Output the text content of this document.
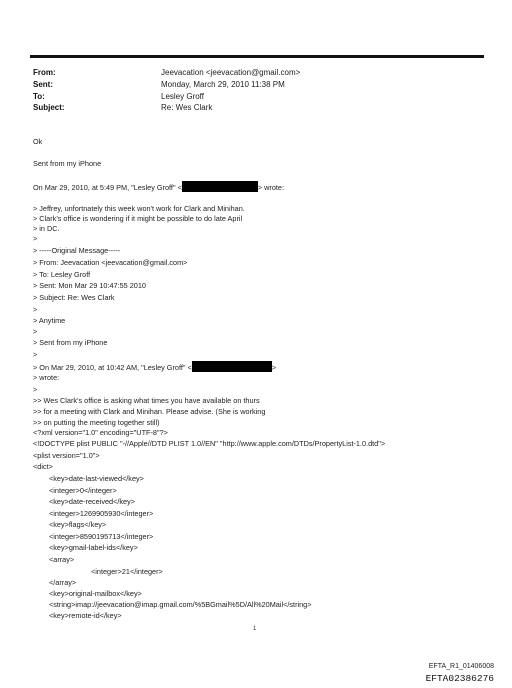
From:	Jeevacation <jeevacation@gmail.com>
Sent:	Monday, March 29, 2010 11:38 PM
To:	Lesley Groff
Subject:	Re: Wes Clark
Ok
Sent from my iPhone
On Mar 29, 2010, at 5:49 PM, "Lesley Groff" <	> wrote:
> Jeffrey, unfortnately this week won't work for Clark and Minihan.
> Clark's office is wondering if it might be possible to do late April
> in DC.
>
> -----Original Message-----
> From: Jeevacation <jeevacation@gmail.com>
> To: Lesley Groff
> Sent: Mon Mar 29 10:47:55 2010
> Subject: Re: Wes Clark
>
> Anytime
>
> Sent from my iPhone
>
> On Mar 29, 2010, at 10:42 AM, "Lesley Groff" <	>
> wrote:
>
>> Wes Clark's office is asking what times you have available on thurs
>> for a meeting with Clark and Minihan. Please advise. (She is working
>> on putting the meeting together still)
<?xml version="1.0" encoding="UTF-8"?>
<!DOCTYPE plist PUBLIC "-//Apple//DTD PLIST 1.0//EN" "http://www.apple.com/DTDs/PropertyList-1.0.dtd">
<plist version="1.0">
<dict>
<key>date-last-viewed</key>
<integer>0</integer>
<key>date-received</key>
<integer>1269905930</integer>
<key>flags</key>
<integer>8590195713</integer>
<key>gmail-label-ids</key>
<array>
<integer>21</integer>
</array>
<key>original-mailbox</key>
<string>imap://jeevacation@imap.gmail.com/%5BGmail%5D/All%20Mail</string>
<key>remote-id</key>
1
EFTA_R1_01406008
EFTA02386276
